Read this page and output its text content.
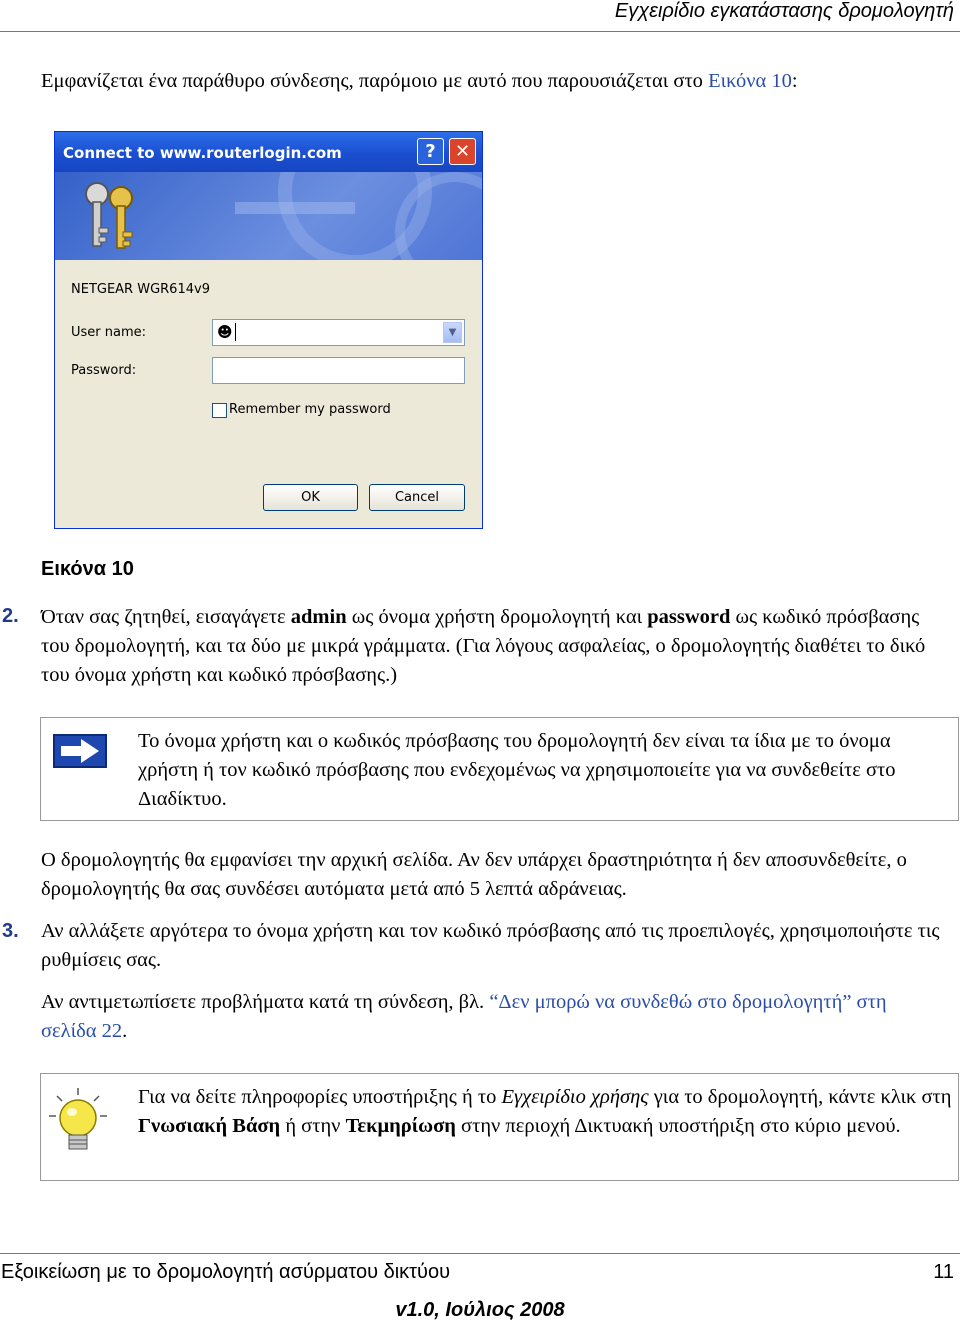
Εγχειρίδιο εγκατάστασης δρομολογητή
Εμφανίζεται ένα παράθυρο σύνδεσης, παρόμοιο με αυτό που παρουσιάζεται στο Εικόνα 10:
Connect to www.routerlogin.com	?	✕
NETGEAR WGR614v9
User name:	☻	▼
Password:
Remember my password
OK	Cancel
Εικόνα 10
2. Όταν σας ζητηθεί, εισαγάγετε admin ως όνομα χρήστη δρομολογητή και password ως κωδικό πρόσβασης του δρομολογητή, και τα δύο με μικρά γράμματα. (Για λόγους ασφαλείας, ο δρομολογητής διαθέτει το δικό του όνομα χρήστη και κωδικό πρόσβασης.)
Το όνομα χρήστη και ο κωδικός πρόσβασης του δρομολογητή δεν είναι τα ίδια με το όνομα χρήστη ή τον κωδικό πρόσβασης που ενδεχομένως να χρησιμοποιείτε για να συνδεθείτε στο Διαδίκτυο.
Ο δρομολογητής θα εμφανίσει την αρχική σελίδα. Αν δεν υπάρχει δραστηριότητα ή δεν αποσυνδεθείτε, ο δρομολογητής θα σας συνδέσει αυτόματα μετά από 5 λεπτά αδράνειας.
3. Αν αλλάξετε αργότερα το όνομα χρήστη και τον κωδικό πρόσβασης από τις προεπιλογές, χρησιμοποιήστε τις ρυθμίσεις σας.
Αν αντιμετωπίσετε προβλήματα κατά τη σύνδεση, βλ. “Δεν μπορώ να συνδεθώ στο δρομολογητή” στη σελίδα 22.
Για να δείτε πληροφορίες υποστήριξης ή το Εγχειρίδιο χρήσης για το δρομολογητή, κάντε κλικ στη Γνωσιακή Βάση ή στην Τεκμηρίωση στην περιοχή Δικτυακή υποστήριξη στο κύριο μενού.
Εξοικείωση με το δρομολογητή ασύρματου δικτύου	11
v1.0, Ιούλιος 2008
